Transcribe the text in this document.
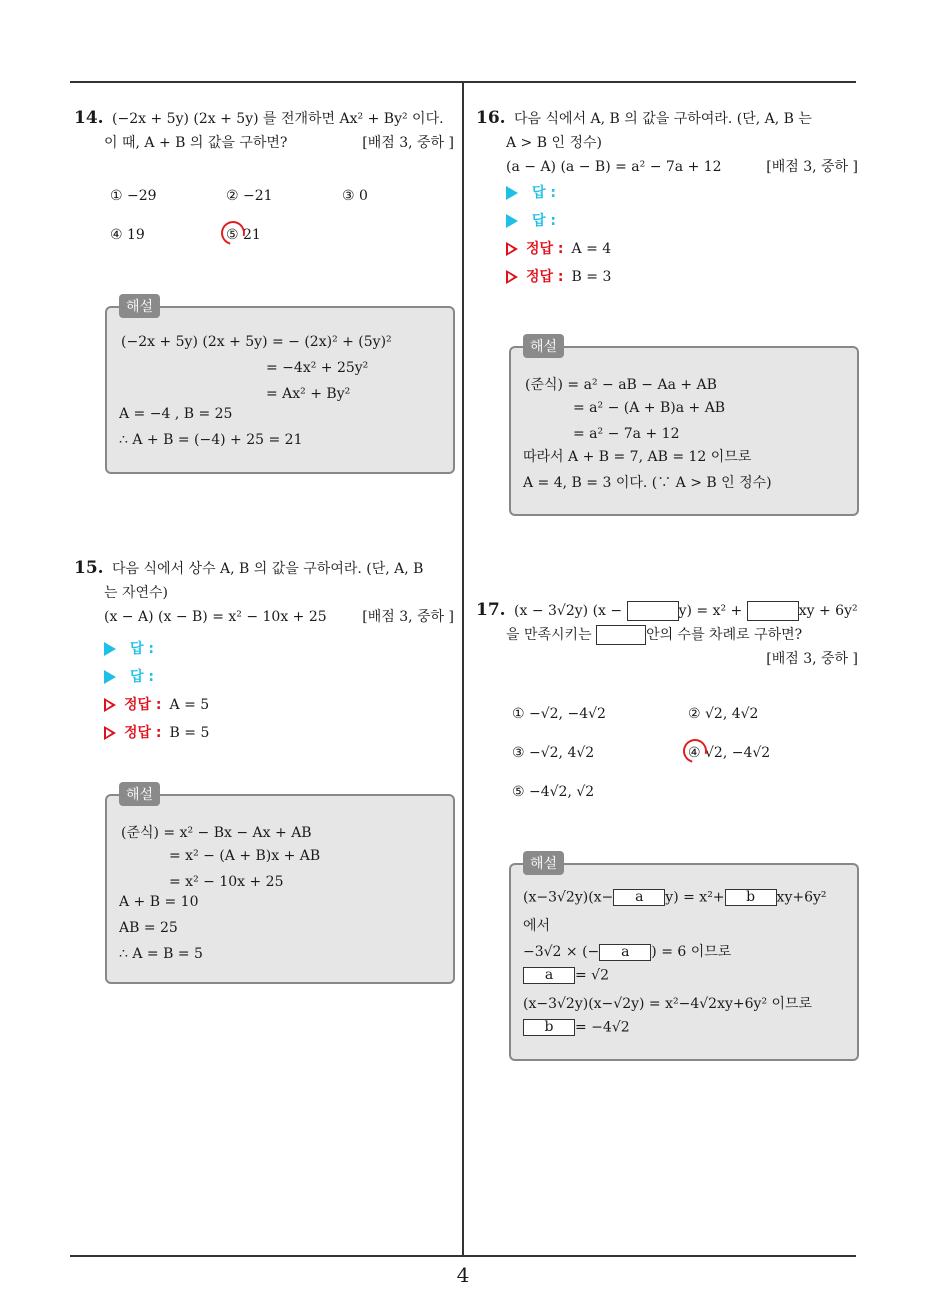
4
14. (−2x + 5y) (2x + 5y) 를 전개하면 Ax² + By² 이다.
이 때, A + B 의 값을 구하면?	[배점 3, 중하 ]
① −29	② −21	③ 0
④ 19	⑤ 21
해설
(−2x + 5y) (2x + 5y) = − (2x)² + (5y)²
= −4x² + 25y²
= Ax² + By²
A = −4 , B = 25
∴ A + B = (−4) + 25 = 21
15. 다음 식에서 상수 A, B 의 값을 구하여라. (단, A, B
는 자연수)
(x − A) (x − B) = x² − 10x + 25	[배점 3, 중하 ]
답 :
답 :
정답 : A = 5
정답 : B = 5
해설
(준식) = x² − Bx − Ax + AB
= x² − (A + B)x + AB
= x² − 10x + 25
A + B = 10
AB = 25
∴ A = B = 5
16. 다음 식에서 A, B 의 값을 구하여라. (단, A, B 는
A > B 인 정수)
(a − A) (a − B) = a² − 7a + 12	[배점 3, 중하 ]
답 :
답 :
정답 : A = 4
정답 : B = 3
해설
(준식) = a² − aB − Aa + AB
= a² − (A + B)a + AB
= a² − 7a + 12
따라서 A + B = 7, AB = 12 이므로
A = 4, B = 3 이다. (∵ A > B 인 정수)
17. (x − 3√2y) (x −	y) = x² +	xy + 6y²
을 만족시키는	안의 수를 차례로 구하면?
[배점 3, 중하 ]
① −√2, −4√2	② √2, 4√2
③ −√2, 4√2	④ √2, −4√2
⑤ −4√2, √2
해설
(x−3√2y)(x− a y) = x²+ b xy+6y²
에서
−3√2 × (− a ) = 6 이므로
a = √2
(x−3√2y)(x−√2y) = x²−4√2xy+6y² 이므로
b = −4√2
